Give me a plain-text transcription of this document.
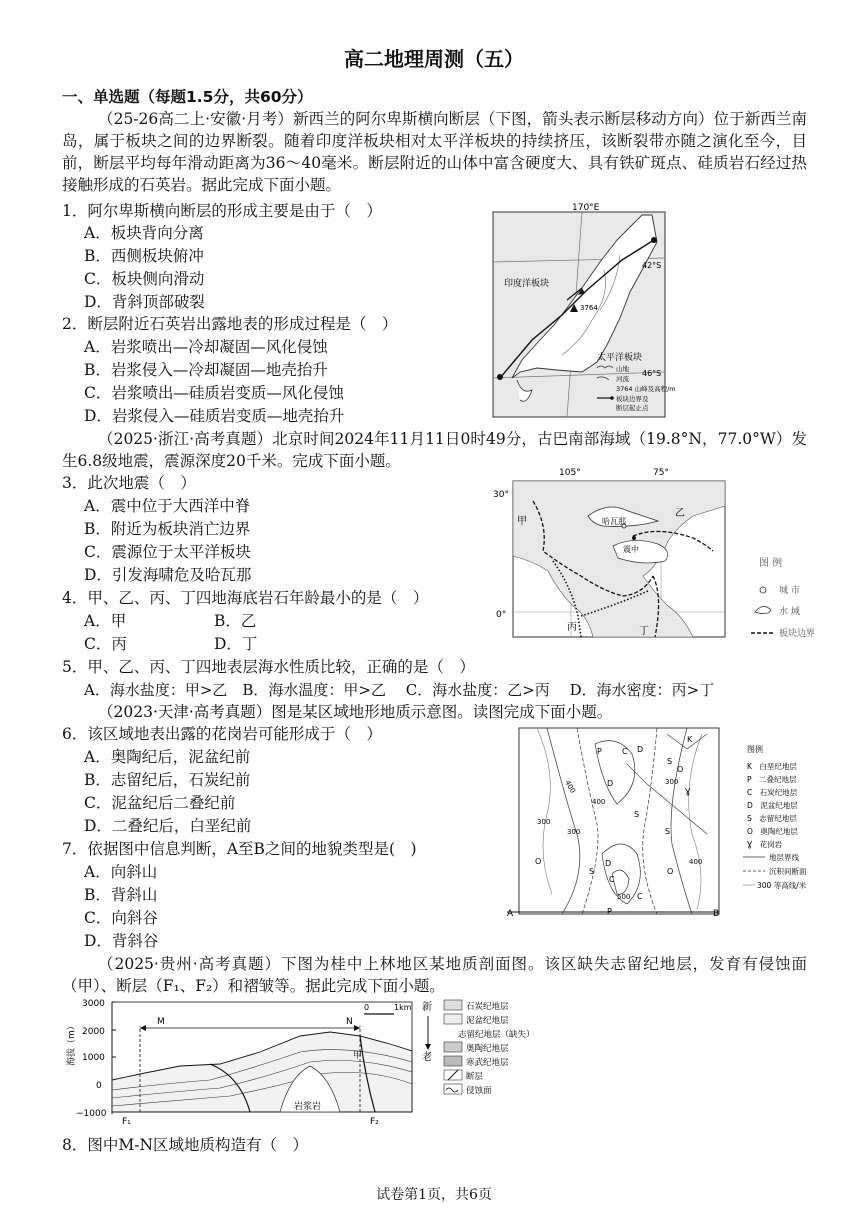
高二地理周测（五）
一、单选题（每题1.5分，共60分）
（25-26高二上·安徽·月考）新西兰的阿尔卑斯横向断层（下图，箭头表示断层移动方向）位于新西兰南岛，属于板块之间的边界断裂。随着印度洋板块相对太平洋板块的持续挤压，该断裂带亦随之演化至今，目前，断层平均每年滑动距离为36～40毫米。断层附近的山体中富含硬度大、具有铁矿斑点、硅质岩石经过热接触形成的石英岩。据此完成下面小题。
1．阿尔卑斯横向断层的形成主要是由于（　）
A．板块背向分离
B．西侧板块俯冲
C．板块侧向滑动
D．背斜顶部破裂
2．断层附近石英岩出露地表的形成过程是（　）
A．岩浆喷出—冷却凝固—风化侵蚀
B．岩浆侵入—冷却凝固—地壳抬升
C．岩浆喷出—硅质岩变质—风化侵蚀
D．岩浆侵入—硅质岩变质—地壳抬升
170°E
3764
印度洋板块
太平洋板块
42°S
46°S
山地
河流
3764 山峰及高程/m
板块边界及
断层起止点
（2025·浙江·高考真题）北京时间2024年11月11日0时49分，古巴南部海域（19.8°N，77.0°W）发生6.8级地震，震源深度20千米。完成下面小题。
3．此次地震（　）
A．震中位于大西洋中脊
B．附近为板块消亡边界
C．震源位于太平洋板块
D．引发海啸危及哈瓦那
4．甲、乙、丙、丁四地海底岩石年龄最小的是（　）
A．甲	B．乙
C．丙	D．丁
5．甲、乙、丙、丁四地表层海水性质比较，正确的是（　）
A．海水盐度：甲>乙　B．海水温度：甲>乙　 C．海水盐度：乙>丙　 D．海水密度：丙>丁
105°	75°
30°
0°
哈瓦那
震中
甲
乙
丙	丁
图 例
城 市
水 域
板块边界
（2023·天津·高考真题）图是某区域地形地质示意图。读图完成下面小题。
6．该区域地表出露的花岗岩可能形成于（　）
A．奥陶纪后，泥盆纪前
B．志留纪后，石炭纪前
C．泥盆纪后二叠纪前
D．二叠纪后，白垩纪前
7．依据图中信息判断，A至B之间的地貌类型是(　)
A．向斜山
B．背斜山
C．向斜谷
D．背斜谷
A	B
P	C D
K
S
O
Ɣ
D
S
S
O
O
S
D
C
P
C
400
300
300
300
400
400
500
图例
K　白垩纪地层
P　二叠纪地层
C　石炭纪地层
D　泥盆纪地层
S　志留纪地层
O　奥陶纪地层
Ɣ　花岗岩
地层界线
沉积间断面
300 等高线/米
（2025·贵州·高考真题）下图为桂中上林地区某地质剖面图。该区缺失志留纪地层，发育有侵蚀面（甲）、断层（F₁、F₂）和褶皱等。据此完成下面小题。
海拔（m）
3000
2000
1000
0
−1000
M	N
甲
岩浆岩
F₁	F₂
0	1km 新
老
石炭纪地层
泥盆纪地层
志留纪地层（缺失）
奥陶纪地层
寒武纪地层
断层
侵蚀面
8．图中M-N区域地质构造有（　）
试卷第1页，共6页
